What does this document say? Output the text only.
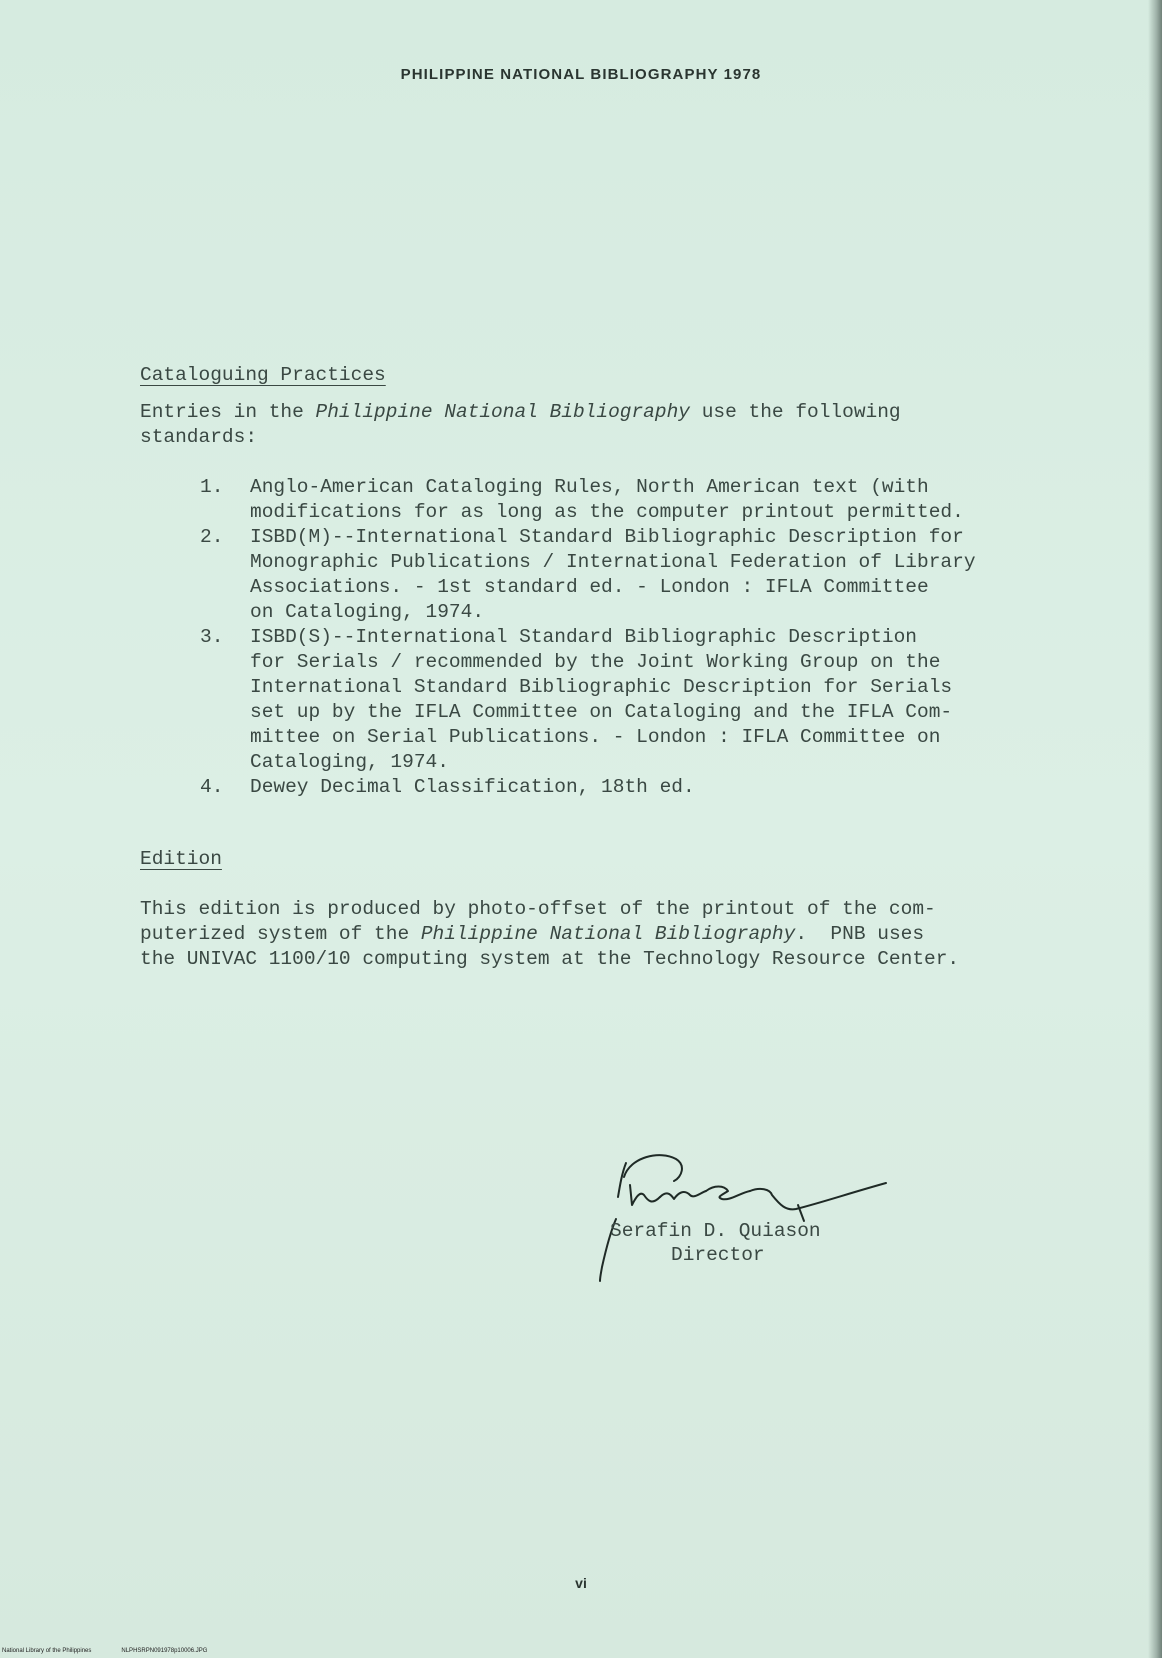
PHILIPPINE NATIONAL BIBLIOGRAPHY 1978
Cataloguing Practices
Entries in the Philippine National Bibliography use the following
standards:
1.	Anglo-American Cataloging Rules, North American text (with
modifications for as long as the computer printout permitted.
2.	ISBD(M)--International Standard Bibliographic Description for
Monographic Publications / International Federation of Library
Associations. - 1st standard ed. - London : IFLA Committee
on Cataloging, 1974.
3.	ISBD(S)--International Standard Bibliographic Description
for Serials / recommended by the Joint Working Group on the
International Standard Bibliographic Description for Serials
set up by the IFLA Committee on Cataloging and the IFLA Com-
mittee on Serial Publications. - London : IFLA Committee on
Cataloging, 1974.
4.	Dewey Decimal Classification, 18th ed.
Edition
This edition is produced by photo-offset of the printout of the com-
puterized system of the Philippine National Bibliography.  PNB uses
the UNIVAC 1100/10 computing system at the Technology Resource Center.
Serafin D. Quiason
Director
vi
National Library of the Philippines	NLPHSRPN091978p10006.JPG
